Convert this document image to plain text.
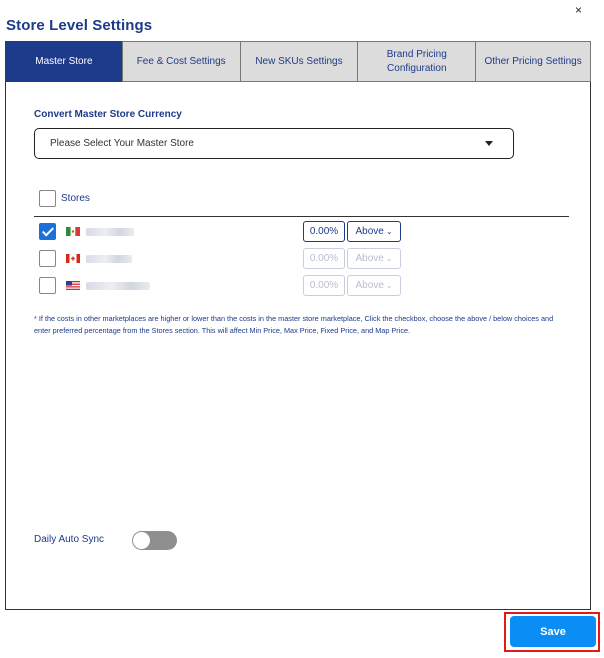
Store Level Settings
×
Master Store	Fee & Cost Settings	New SKUs Settings
Brand Pricing Configuration
Other Pricing Settings
Convert Master Store Currency
Please Select Your Master Store
Stores
0.00%	Above ⌄
0.00%	Above ⌄
0.00%	Above ⌄
* If the costs in other marketplaces are higher or lower than the costs in the master store marketplace, Click the checkbox, choose the above / below choices and enter preferred percentage from the Stores section. This will affect Min Price, Max Price, Fixed Price, and Map Price.
Daily Auto Sync
Save
